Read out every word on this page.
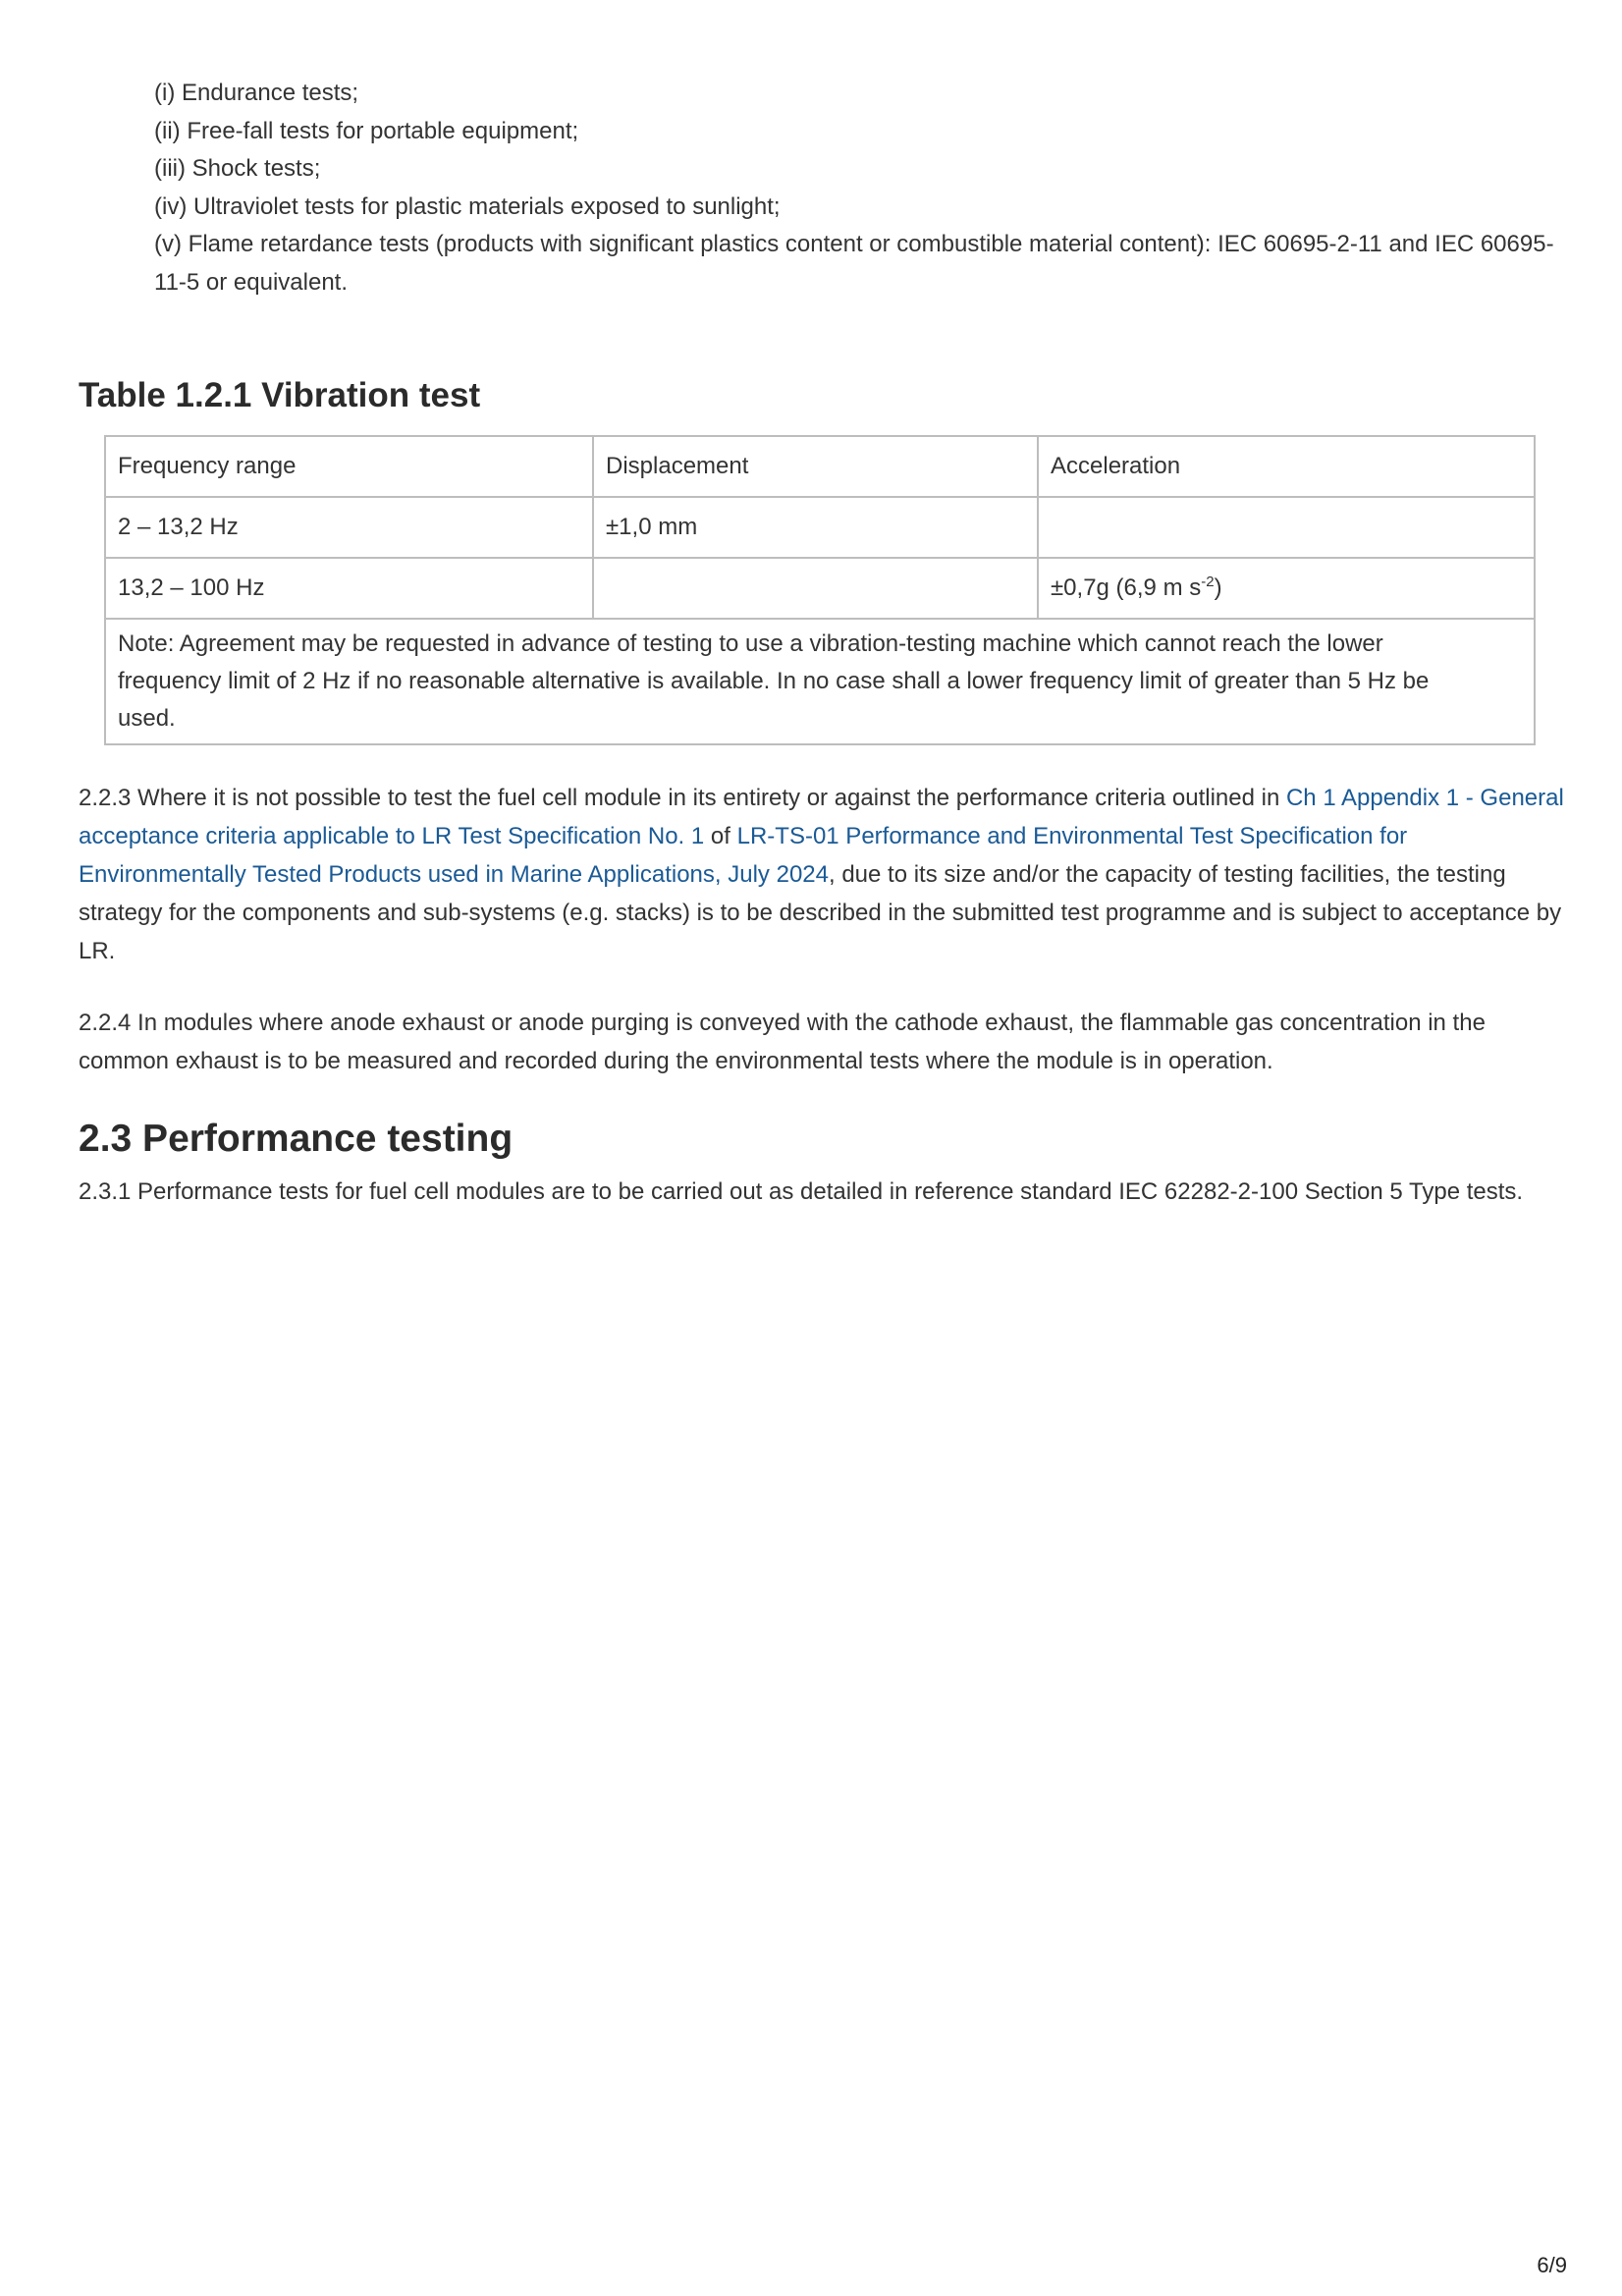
(i) Endurance tests;
(ii) Free-fall tests for portable equipment;
(iii) Shock tests;
(iv) Ultraviolet tests for plastic materials exposed to sunlight;
(v) Flame retardance tests (products with significant plastics content or combustible material content): IEC 60695-2-11 and IEC 60695-11-5 or equivalent.
Table 1.2.1 Vibration test
Frequency range	Displacement	Acceleration
2 – 13,2 Hz	±1,0 mm	
13,2 – 100 Hz		±0,7g (6,9 m $s^{-2}$)
Note: Agreement may be requested in advance of testing to use a vibration-testing machine which cannot reach the lower frequency limit of 2 Hz if no reasonable alternative is available. In no case shall a lower frequency limit of greater than 5 Hz be used.		

2.2.3 Where it is not possible to test the fuel cell module in its entirety or against the performance criteria outlined in Ch 1 Appendix 1 - General acceptance criteria applicable to LR Test Specification No. 1 of LR-TS-01 Performance and Environmental Test Specification for Environmentally Tested Products used in Marine Applications, July 2024, due to its size and/or the capacity of testing facilities, the testing strategy for the components and sub-systems (e.g. stacks) is to be described in the submitted test programme and is subject to acceptance by LR.

2.2.4 In modules where anode exhaust or anode purging is conveyed with the cathode exhaust, the flammable gas concentration in the common exhaust is to be measured and recorded during the environmental tests where the module is in operation.

2.3 Performance testing

2.3.1 Performance tests for fuel cell modules are to be carried out as detailed in reference standard IEC 62282-2-100 Section 5 Type tests.

6/9
